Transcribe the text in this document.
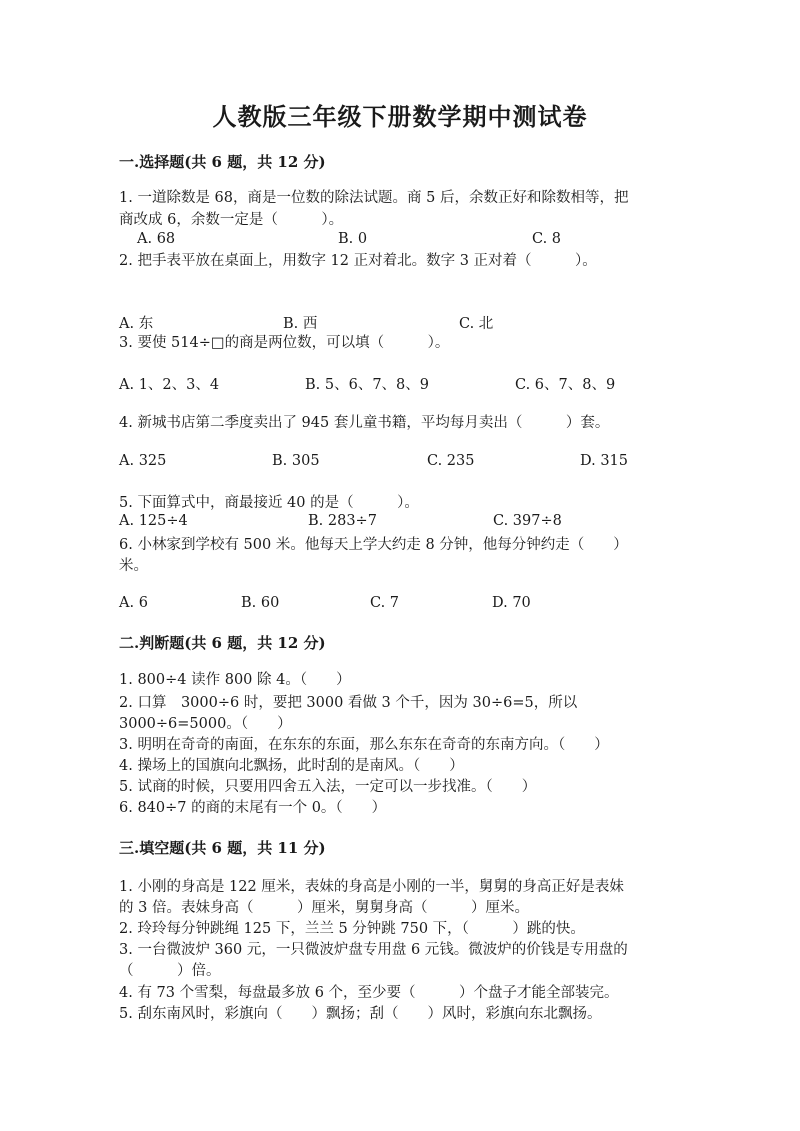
人教版三年级下册数学期中测试卷
一.选择题(共 6 题，共 12 分)
1. 一道除数是 68，商是一位数的除法试题。商 5 后，余数正好和除数相等，把
商改成 6，余数一定是（　　　）。
A. 68	B. 0	C. 8
2. 把手表平放在桌面上，用数字 12 正对着北。数字 3 正对着（　　　）。
A. 东	B. 西	C. 北
3. 要使 514÷□的商是两位数，可以填（　　　）。
A. 1、2、3、4	B. 5、6、7、8、9	C. 6、7、8、9
4. 新城书店第二季度卖出了 945 套儿童书籍，平均每月卖出（　　　）套。
A. 325	B. 305	C. 235	D. 315
5. 下面算式中，商最接近 40 的是（　　　）。
A. 125÷4	B. 283÷7	C. 397÷8
6. 小林家到学校有 500 米。他每天上学大约走 8 分钟，他每分钟约走（　　）
米。
A. 6	B. 60	C. 7	D. 70
二.判断题(共 6 题，共 12 分)
1. 800÷4 读作 800 除 4。（　　）
2. 口算　3000÷6 时，要把 3000 看做 3 个千，因为 30÷6=5，所以
3000÷6=5000。（　　）
3. 明明在奇奇的南面，在东东的东面，那么东东在奇奇的东南方向。（　　）
4. 操场上的国旗向北飘扬，此时刮的是南风。（　　）
5. 试商的时候，只要用四舍五入法，一定可以一步找准。（　　）
6. 840÷7 的商的末尾有一个 0。（　　）
三.填空题(共 6 题，共 11 分)
1. 小刚的身高是 122 厘米，表妹的身高是小刚的一半，舅舅的身高正好是表妹
的 3 倍。表妹身高（　　　）厘米，舅舅身高（　　　）厘米。
2. 玲玲每分钟跳绳 125 下，兰兰 5 分钟跳 750 下，（　　　）跳的快。
3. 一台微波炉 360 元，一只微波炉盘专用盘 6 元钱。微波炉的价钱是专用盘的
（　　　）倍。
4. 有 73 个雪梨，每盘最多放 6 个，至少要（　　　）个盘子才能全部装完。
5. 刮东南风时，彩旗向（　　）飘扬；刮（　　）风时，彩旗向东北飘扬。
